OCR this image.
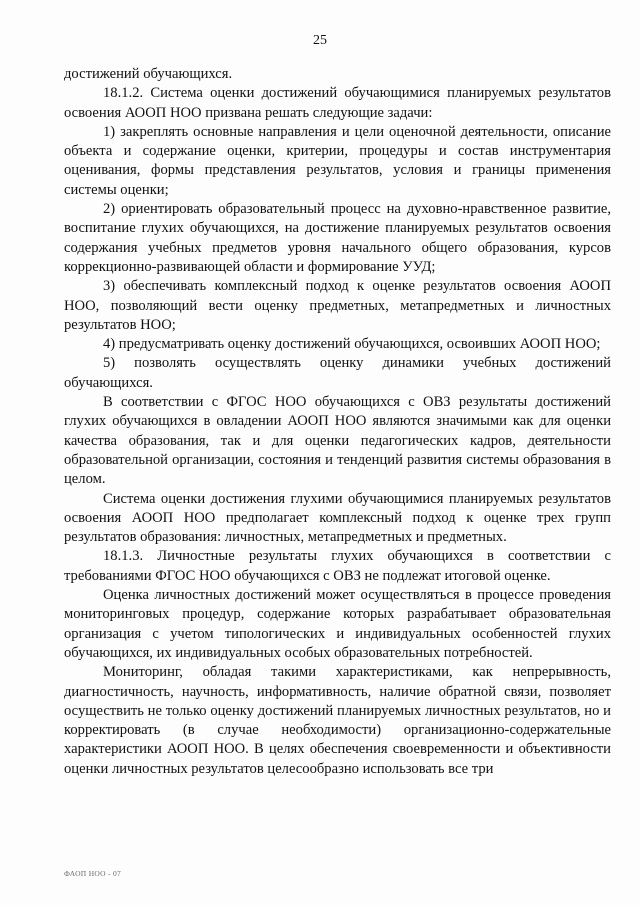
25

достижений обучающихся.

18.1.2. Система оценки достижений обучающимися планируемых результатов освоения АООП НОО призвана решать следующие задачи:

1) закреплять основные направления и цели оценочной деятельности, описание объекта и содержание оценки, критерии, процедуры и состав инструментария оценивания, формы представления результатов, условия и границы применения системы оценки;

2) ориентировать образовательный процесс на духовно-нравственное развитие, воспитание глухих обучающихся, на достижение планируемых результатов освоения содержания учебных предметов уровня начального общего образования, курсов коррекционно-развивающей области и формирование УУД;

3) обеспечивать комплексный подход к оценке результатов освоения АООП НОО, позволяющий вести оценку предметных, метапредметных и личностных результатов НОО;

4) предусматривать оценку достижений обучающихся, освоивших АООП НОО;

5) позволять осуществлять оценку динамики учебных достижений обучающихся.

В соответствии с ФГОС НОО обучающихся с ОВЗ результаты достижений глухих обучающихся в овладении АООП НОО являются значимыми как для оценки качества образования, так и для оценки педагогических кадров, деятельности образовательной организации, состояния и тенденций развития системы образования в целом.

Система оценки достижения глухими обучающимися планируемых результатов освоения АООП НОО предполагает комплексный подход к оценке трех групп результатов образования: личностных, метапредметных и предметных.

18.1.3. Личностные результаты глухих обучающихся в соответствии с требованиями ФГОС НОО обучающихся с ОВЗ не подлежат итоговой оценке.

Оценка личностных достижений может осуществляться в процессе проведения мониторинговых процедур, содержание которых разрабатывает образовательная организация с учетом типологических и индивидуальных особенностей глухих обучающихся, их индивидуальных особых образовательных потребностей.

Мониторинг, обладая такими характеристиками, как непрерывность, диагностичность, научность, информативность, наличие обратной связи, позволяет осуществить не только оценку достижений планируемых личностных результатов, но и корректировать (в случае необходимости) организационно-содержательные характеристики АООП НОО. В целях обеспечения своевременности и объективности оценки личностных результатов целесообразно использовать все три

ФАОП НОО - 07
